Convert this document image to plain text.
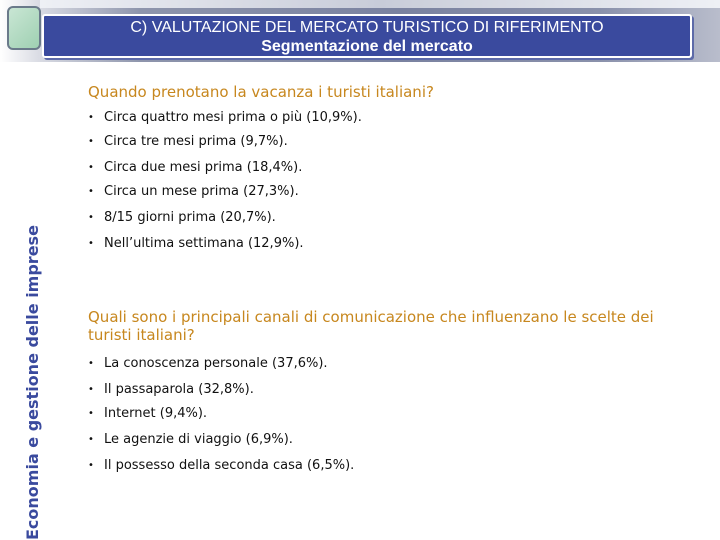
C) VALUTAZIONE DEL MERCATO TURISTICO DI RIFERIMENTO
Segmentazione del mercato
Economia e gestione delle imprese

Quando prenotano la vacanza i turisti italiani?

• Circa quattro mesi prima o più (10,9%).
• Circa tre mesi prima (9,7%).
• Circa due mesi prima (18,4%).
• Circa un mese prima (27,3%).
• 8/15 giorni prima (20,7%).
• Nell’ultima settimana (12,9%).

Quali sono i principali canali di comunicazione che influenzano le scelte dei turisti italiani?

• La conoscenza personale (37,6%).
• Il passaparola (32,8%).
• Internet (9,4%).
• Le agenzie di viaggio (6,9%).
• Il possesso della seconda casa (6,5%).
